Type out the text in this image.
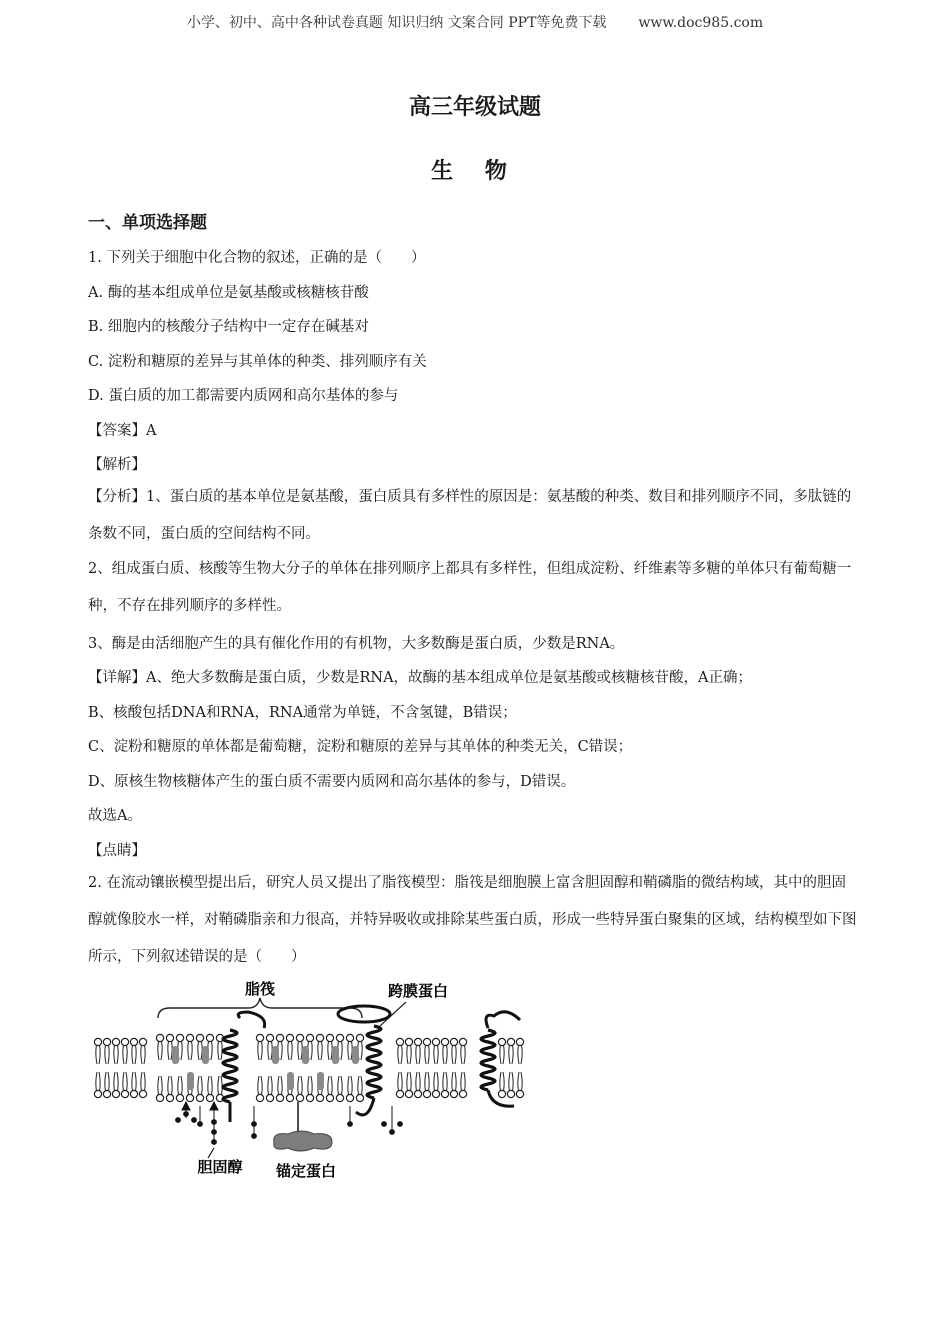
小学、初中、高中各种试卷真题 知识归纳 文案合同 PPT等免费下载 www.doc985.com
高三年级试题
生 物
一、单项选择题
1. 下列关于细胞中化合物的叙述，正确的是（　　）
A. 酶的基本组成单位是氨基酸或核糖核苷酸
B. 细胞内的核酸分子结构中一定存在碱基对
C. 淀粉和糖原的差异与其单体的种类、排列顺序有关
D. 蛋白质的加工都需要内质网和高尔基体的参与
【答案】A
【解析】
【分析】1、蛋白质的基本单位是氨基酸，蛋白质具有多样性的原因是：氨基酸的种类、数目和排列顺序不同，多肽链的条数不同，蛋白质的空间结构不同。
2、组成蛋白质、核酸等生物大分子的单体在排列顺序上都具有多样性，但组成淀粉、纤维素等多糖的单体只有葡萄糖一种，不存在排列顺序的多样性。
3、酶是由活细胞产生的具有催化作用的有机物，大多数酶是蛋白质，少数是RNA。
【详解】A、绝大多数酶是蛋白质，少数是RNA，故酶的基本组成单位是氨基酸或核糖核苷酸，A正确；
B、核酸包括DNA和RNA，RNA通常为单链，不含氢键，B错误；
C、淀粉和糖原的单体都是葡萄糖，淀粉和糖原的差异与其单体的种类无关，C错误；
D、原核生物核糖体产生的蛋白质不需要内质网和高尔基体的参与，D错误。
故选A。
【点睛】
2. 在流动镶嵌模型提出后，研究人员又提出了脂筏模型：脂筏是细胞膜上富含胆固醇和鞘磷脂的微结构域，其中的胆固醇就像胶水一样，对鞘磷脂亲和力很高，并特异吸收或排除某些蛋白质，形成一些特异蛋白聚集的区域，结构模型如下图所示，下列叙述错误的是（　　）
脂筏	跨膜蛋白
胆固醇 锚定蛋白
